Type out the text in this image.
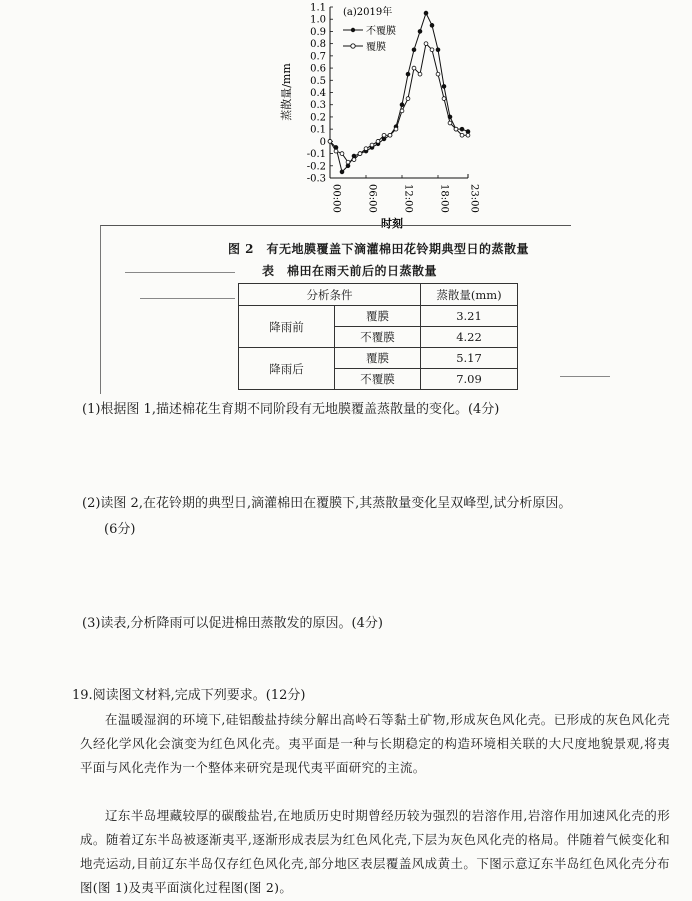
1.1
1.0
0.9
0.8
0.7
0.6
0.5
0.4
0.3
0.2
0.1
0
-0.1
-0.2
-0.3
00:00	06:00	12:00	18:00 23:00
蒸散量/mm
时刻
(a)2019年
不覆膜
覆膜
图 2　有无地膜覆盖下滴灌棉田花铃期典型日的蒸散量
表　棉田在雨天前后的日蒸散量
分析条件		蒸散量(mm)
降雨前	覆膜	3.21
	不覆膜	4.22
降雨后	覆膜	5.17
	不覆膜	7.09
(1)根据图 1,描述棉花生育期不同阶段有无地膜覆盖蒸散量的变化。(4分)
(2)读图 2,在花铃期的典型日,滴灌棉田在覆膜下,其蒸散量变化呈双峰型,试分析原因。
(6分)
(3)读表,分析降雨可以促进棉田蒸散发的原因。(4分)
19.阅读图文材料,完成下列要求。(12分)
在温暖湿润的环境下,硅铝酸盐持续分解出高岭石等黏土矿物,形成灰色风化壳。已形成的灰色风化壳久经化学风化会演变为红色风化壳。夷平面是一种与长期稳定的构造环境相关联的大尺度地貌景观,将夷平面与风化壳作为一个整体来研究是现代夷平面研究的主流。
辽东半岛埋藏较厚的碳酸盐岩,在地质历史时期曾经历较为强烈的岩溶作用,岩溶作用加速风化壳的形成。随着辽东半岛被逐渐夷平,逐渐形成表层为红色风化壳,下层为灰色风化壳的格局。伴随着气候变化和地壳运动,目前辽东半岛仅存红色风化壳,部分地区表层覆盖风成黄土。下图示意辽东半岛红色风化壳分布图(图 1)及夷平面演化过程图(图 2)。
